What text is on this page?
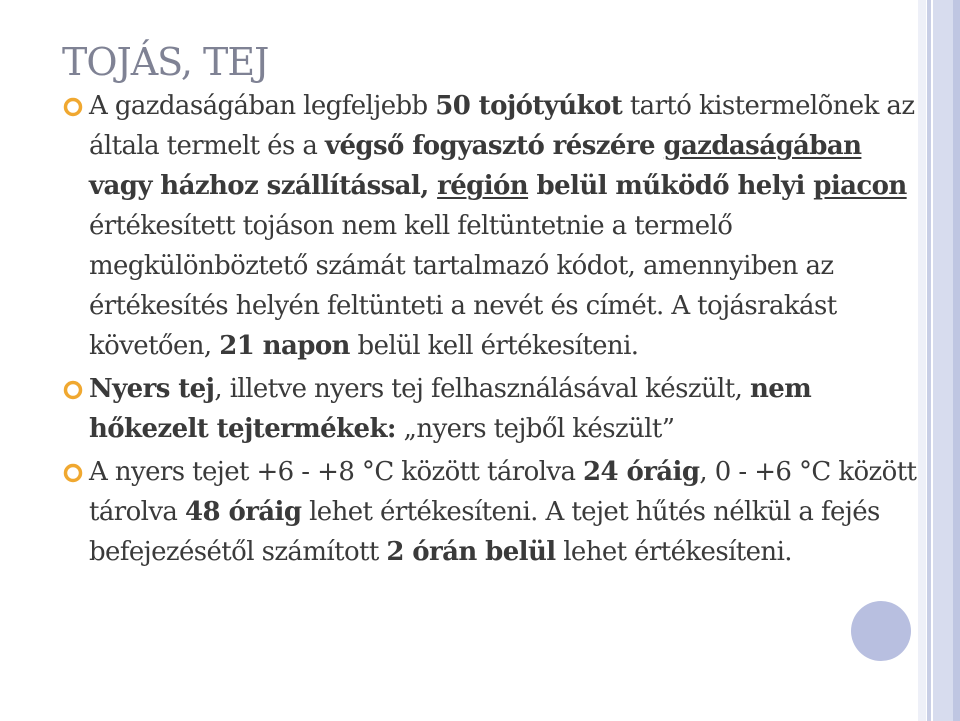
TOJÁS, TEJ

A gazdaságában legfeljebb 50 tojótyúkot tartó kistermelõnek az általa termelt és a végső fogyasztó részére gazdaságában vagy házhoz szállítással, régión belül működő helyi piacon értékesített tojáson nem kell feltüntetnie a termelő megkülönböztető számát tartalmazó kódot, amennyiben az értékesítés helyén feltünteti a nevét és címét. A tojásrakást követően, 21 napon belül kell értékesíteni.

Nyers tej, illetve nyers tej felhasználásával készült, nem hőkezelt tejtermékek: „nyers tejből készült”

A nyers tejet +6 - +8 °C között tárolva 24 óráig, 0 - +6 °C között tárolva 48 óráig lehet értékesíteni. A tejet hűtés nélkül a fejés befejezésétől számított 2 órán belül lehet értékesíteni.
